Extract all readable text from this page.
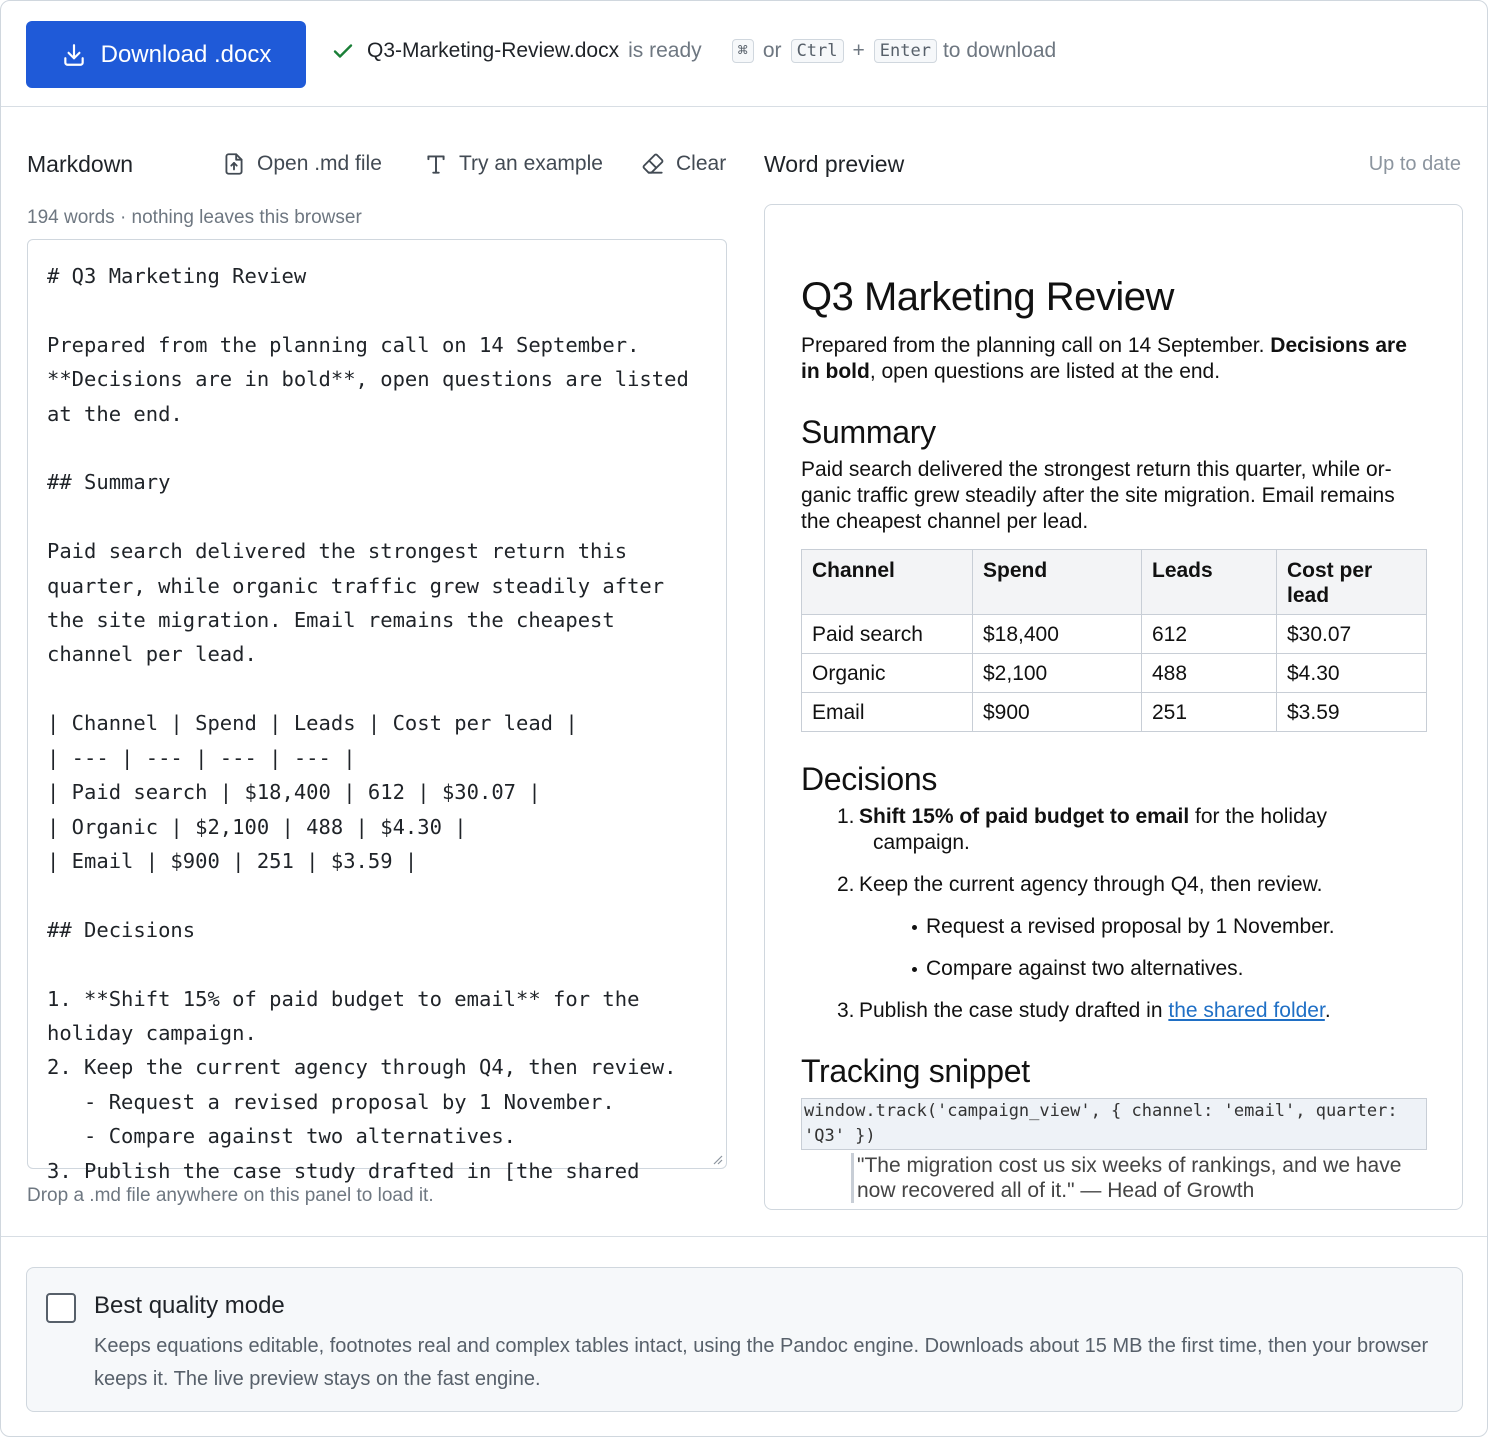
Download .docx	Q3-Marketing-Review.docx is ready	⌘ or Ctrl + Enter to download
Markdown	Open .md file	Try an example	Clear
194 words · nothing leaves this browser
# Q3 Marketing Review

Prepared from the planning call on 14 September.
**Decisions are in bold**, open questions are listed
at the end.

## Summary

Paid search delivered the strongest return this
quarter, while organic traffic grew steadily after
the site migration. Email remains the cheapest
channel per lead.

| Channel | Spend | Leads | Cost per lead |
| --- | --- | --- | --- |
| Paid search | $18,400 | 612 | $30.07 |
| Organic | $2,100 | 488 | $4.30 |
| Email | $900 | 251 | $3.59 |

## Decisions

1. **Shift 15% of paid budget to email** for the
holiday campaign.
2. Keep the current agency through Q4, then review.
- Request a revised proposal by 1 November.
- Compare against two alternatives.
3. Publish the case study drafted in [the shared
Drop a .md file anywhere on this panel to load it.
Word preview	Up to date
Q3 Marketing Review

Prepared from the planning call on 14 September. Decisions are in bold, open questions are listed at the end.

Summary

Paid search delivered the strongest return this quarter, while organic traffic grew steadily after the site migration. Email remains the cheapest channel per lead.

Channel	Spend	Leads	Cost per lead
Paid search	$18,400	612	$30.07
Organic	$2,100	488	$4.30
Email	$900	251	$3.59
Decisions
1. Shift 15% of paid budget to email for the holiday
campaign.
2. Keep the current agency through Q4, then review.
Request a revised proposal by 1 November.
Compare against two alternatives.
3. Publish the case study drafted in the shared folder.
Tracking snippet
window.track('campaign_view', { channel: 'email', quarter: 'Q3' })
"The migration cost us six weeks of rankings, and we have now recovered all of it." — Head of Growth
Best quality mode
Keeps equations editable, footnotes real and complex tables intact, using the Pandoc engine. Downloads about 15 MB the first time, then your browser keeps it. The live preview stays on the fast engine.
